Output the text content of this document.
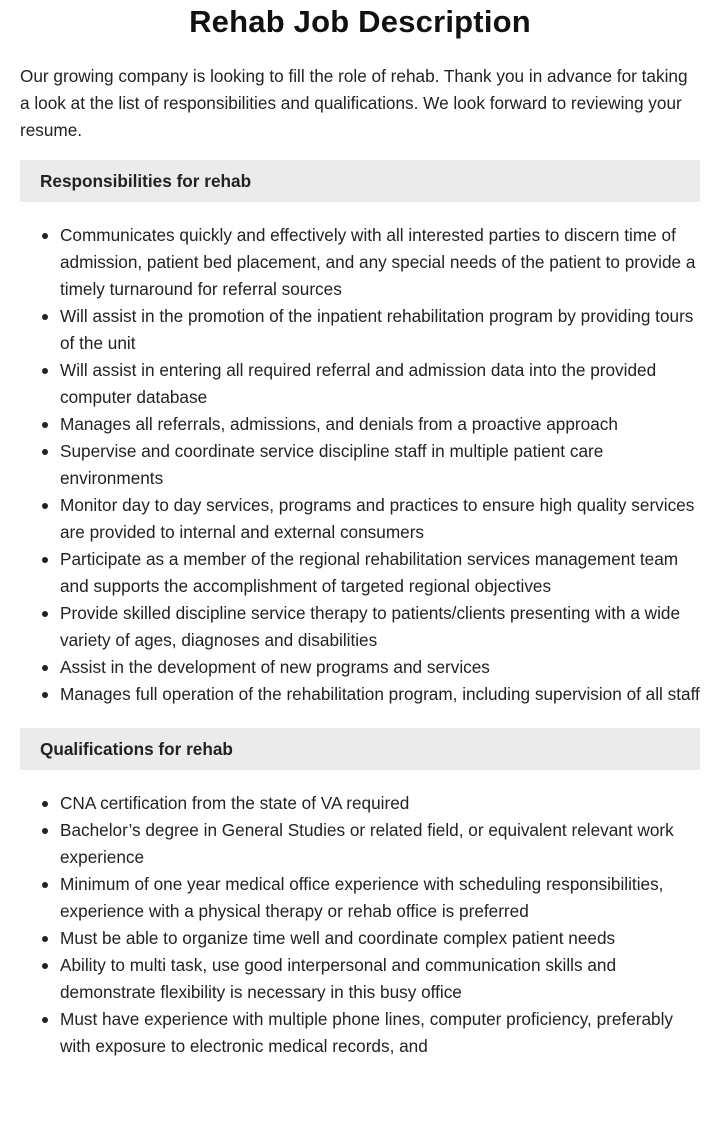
Rehab Job Description

Our growing company is looking to fill the role of rehab. Thank you in advance for taking a look at the list of responsibilities and qualifications. We look forward to reviewing your resume.

Responsibilities for rehab
Communicates quickly and effectively with all interested parties to discern time of admission, patient bed placement, and any special needs of the patient to provide a timely turnaround for referral sources
Will assist in the promotion of the inpatient rehabilitation program by providing tours of the unit
Will assist in entering all required referral and admission data into the provided computer database
Manages all referrals, admissions, and denials from a proactive approach
Supervise and coordinate service discipline staff in multiple patient care environments
Monitor day to day services, programs and practices to ensure high quality services are provided to internal and external consumers
Participate as a member of the regional rehabilitation services management team and supports the accomplishment of targeted regional objectives
Provide skilled discipline service therapy to patients/clients presenting with a wide variety of ages, diagnoses and disabilities
Assist in the development of new programs and services
Manages full operation of the rehabilitation program, including supervision of all staff
Qualifications for rehab
CNA certification from the state of VA required
Bachelor’s degree in General Studies or related field, or equivalent relevant work experience
Minimum of one year medical office experience with scheduling responsibilities, experience with a physical therapy or rehab office is preferred
Must be able to organize time well and coordinate complex patient needs
Ability to multi task, use good interpersonal and communication skills and demonstrate flexibility is necessary in this busy office
Must have experience with multiple phone lines, computer proficiency, preferably with exposure to electronic medical records, and
